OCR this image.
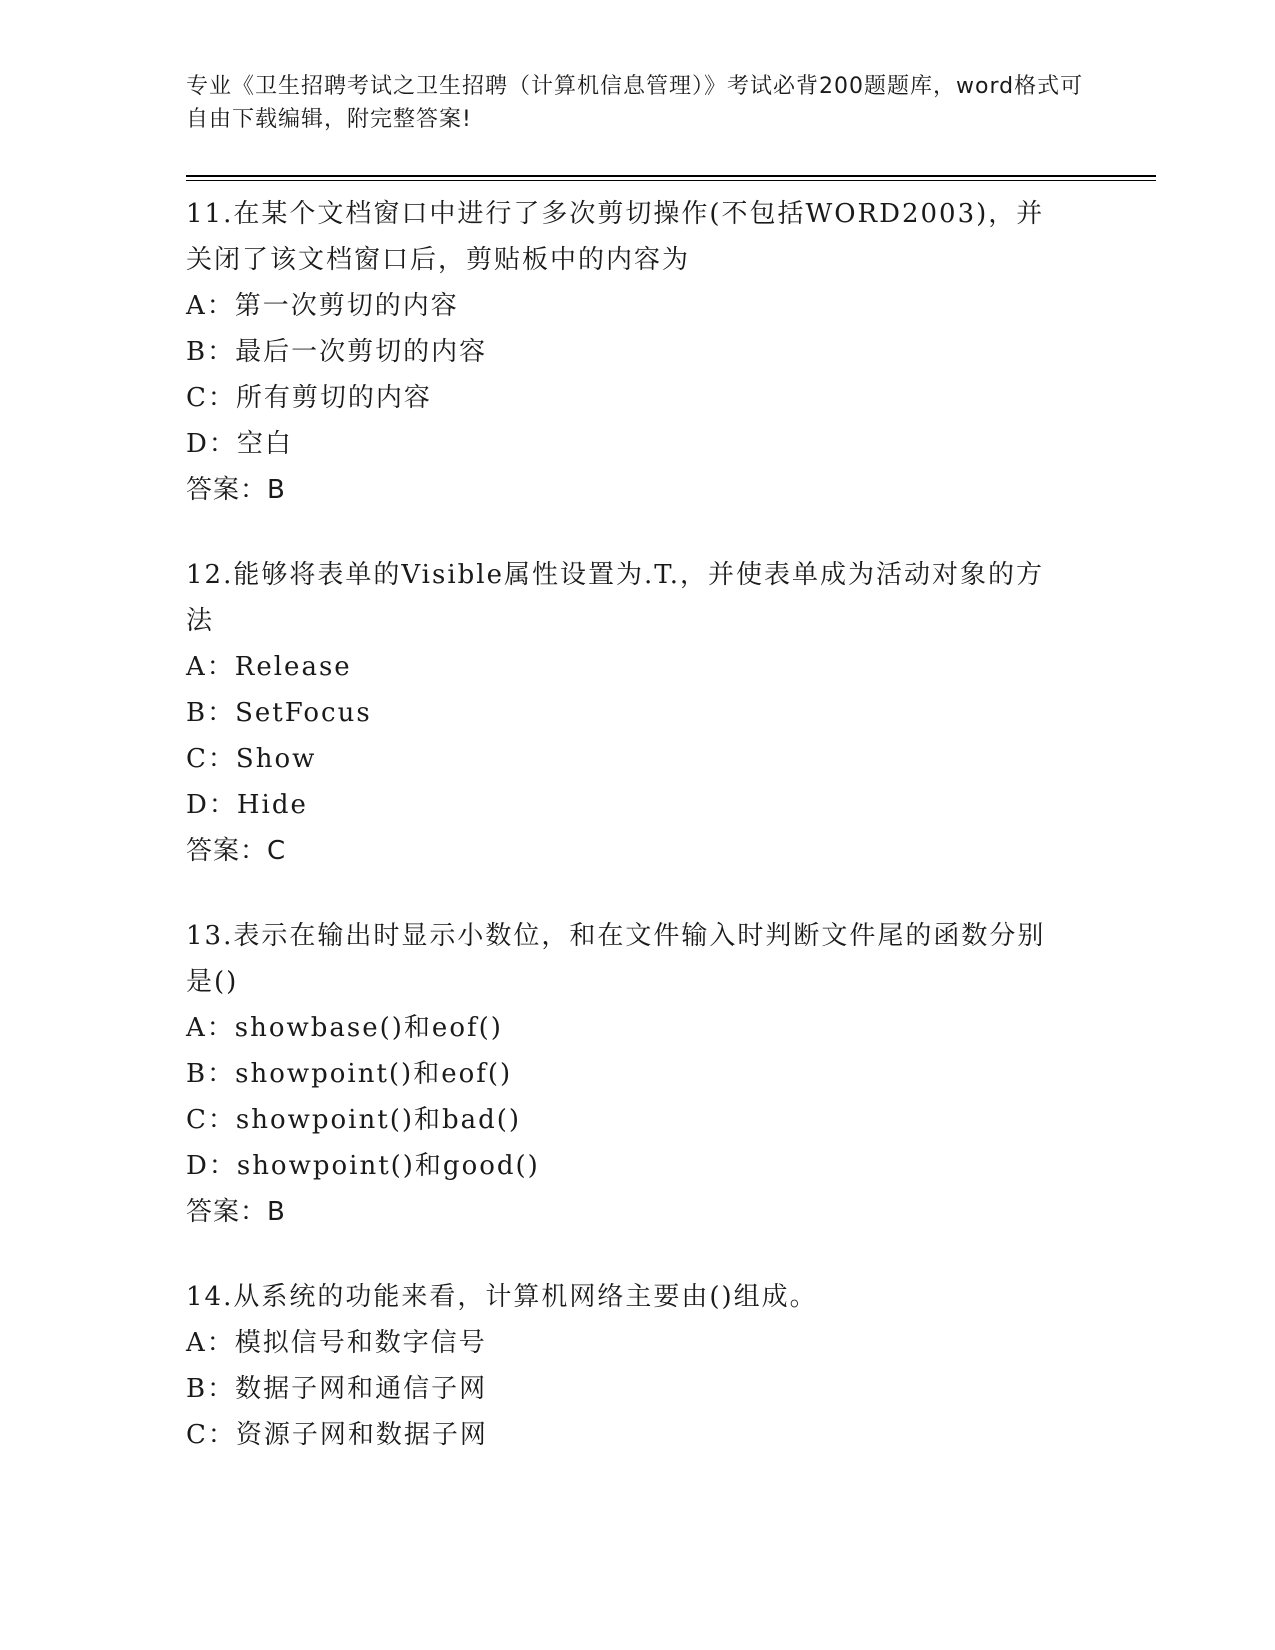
专业《卫生招聘考试之卫生招聘（计算机信息管理）》考试必背200题题库，word格式可自由下载编辑，附完整答案!
11.在某个文档窗口中进行了多次剪切操作(不包括WORD2003)，并关闭了该文档窗口后，剪贴板中的内容为
A：第一次剪切的内容
B：最后一次剪切的内容
C：所有剪切的内容
D：空白
答案：B
12.能够将表单的Visible属性设置为.T.，并使表单成为活动对象的方法
A：Release
B：SetFocus
C：Show
D：Hide
答案：C
13.表示在输出时显示小数位，和在文件输入时判断文件尾的函数分别是()
A：showbase()和eof()
B：showpoint()和eof()
C：showpoint()和bad()
D：showpoint()和good()
答案：B
14.从系统的功能来看，计算机网络主要由()组成。
A：模拟信号和数字信号
B：数据子网和通信子网
C：资源子网和数据子网
